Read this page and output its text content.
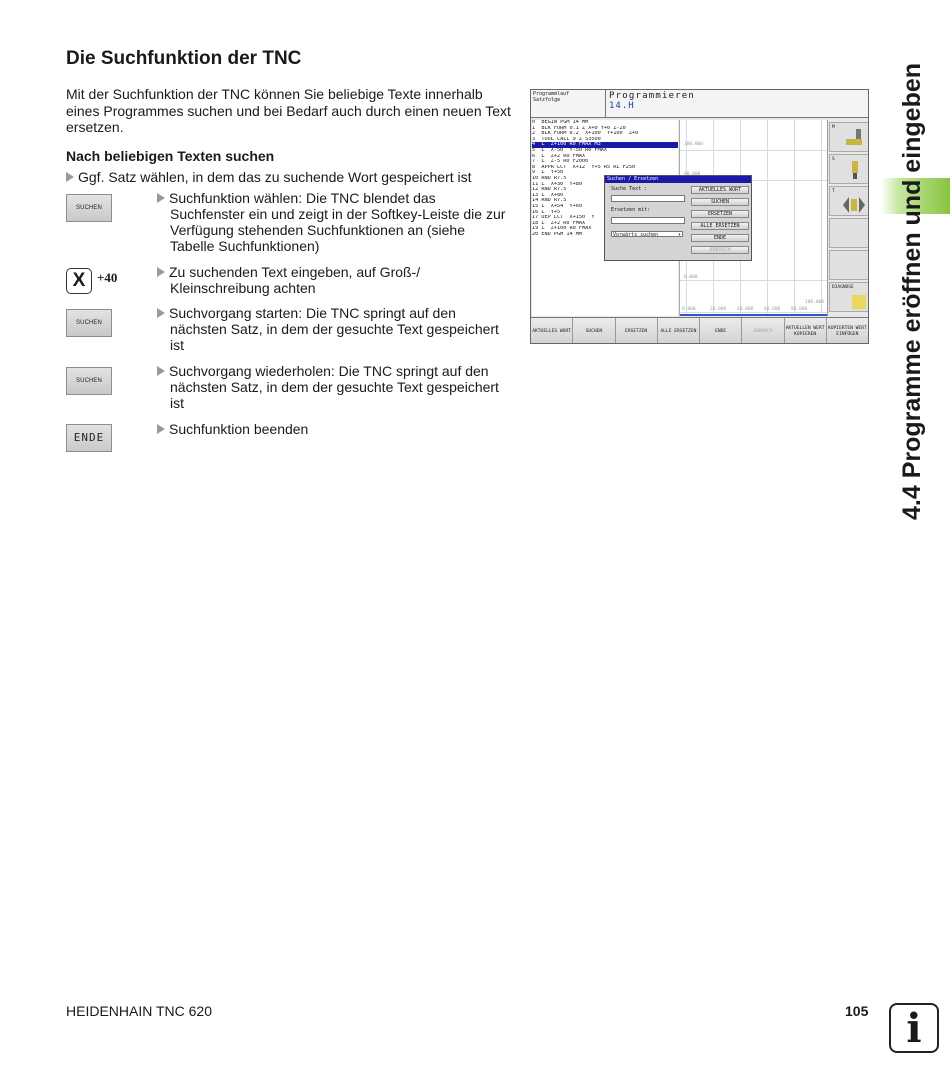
Die Suchfunktion der TNC

Mit der Suchfunktion der TNC können Sie beliebige Texte innerhalb eines Programmes suchen und bei Bedarf auch durch einen neuen Text ersetzen.

Nach beliebigen Texten suchen
Ggf. Satz wählen, in dem das zu suchende Wort gespeichert ist
SUCHEN
Suchfunktion wählen: Die TNC blendet das Suchfenster ein und zeigt in der Softkey-Leiste die zur Verfügung stehenden Suchfunktionen an (siehe Tabelle Suchfunktionen)
X +40	Zu suchenden Text eingeben, auf Groß-/ Kleinschreibung achten
SUCHEN
Suchvorgang starten: Die TNC springt auf den nächsten Satz, in dem der gesuchte Text gespeichert ist
SUCHEN
Suchvorgang wiederholen: Die TNC springt auf den nächsten Satz, in dem der gesuchte Text gespeichert ist
ENDE
Suchfunktion beenden
Programmlauf
Satzfolge	Programmieren
14.H
0  BEGIN PGM 14 MM
1  BLK FORM 0.1 Z X+0 Y+0 Z-20
2  BLK FORM 0.2  X+100  Y+100  Z+0
3  TOOL CALL 9 Z S3500
4  L  Z+100 R0 FMAX M3
5  L  X-50  Y-50 R0 FMAX
6  L  Z+2 R0 FMAX
7  L  Z-5 R0 F2000
8  APPR LCT  X+12  Y+5 R5 RL F250
9  L  Y+50
10 RND R7.5
11 L  X+30  Y+80
12 RND R7.5
13 L  X+80
14 RND R7.5
15 L  X+54  Y+60
16 L  Y+5
17 DEP LCT  X+150  Y
18 L  Z+2 R0 FMAX
19 L  Z+100 R0 FMAX
20 END PGM 14 MM
100.000
0.000
0.000	20.000 40.000 60.000 80.000
100.000
M
S
T
DIAGNOSE
Suchen / Ersetzen
Suche Text :
Ersetzen mit:
Vorwärts suchen	▾
AKTUELLES WORT
SUCHEN
ERSETZEN
ALLE ERSETZEN
ENDE
ABBRUCH
AKTUELLES WORT	SUCHEN	ERSETZEN	ALLE ERSETZEN	ENDE	ABBRUCH
AKTUELLEN WERT KOPIEREN
KOPIERTEN WERT EINFÜGEN	4.4 Programme eröffnen und eingeben
HEIDENHAIN TNC 620	105 i
